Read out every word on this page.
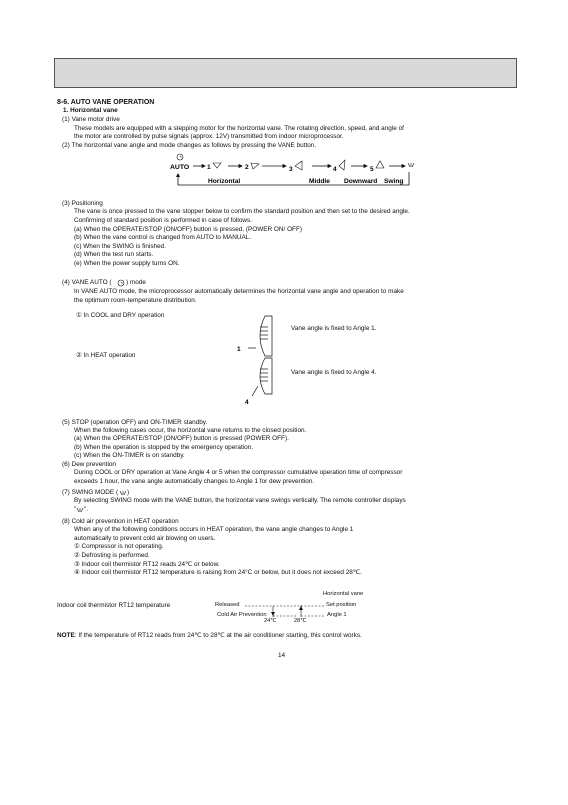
8-6. AUTO VANE OPERATION
1. Horizontal vane
(1) Vane motor drive
These models are equipped with a stepping motor for the horizontal vane. The rotating direction, speed, and angle of
the motor are controlled by pulse signals (approx. 12V) transmitted from indoor microprocessor.
(2) The horizontal vane angle and mode changes as follows by pressing the VANE button.
AUTO	1	2	3	4	5
Horizontal	Middle Downward Swing
1
4
(3) Positioning
The vane is once pressed to the vane stopper below to confirm the standard position and then set to the desired angle.
Confirming of standard position is performed in case of follows.
(a) When the OPERATE/STOP (ON/OFF) button is pressed. (POWER ON/ OFF)
(b) When the vane control is changed from AUTO to MANUAL.
(c) When the SWING is finished.
(d) When the test run starts.
(e) When the power supply turns ON.
(4) VANE AUTO ( ) mode
In VANE AUTO mode, the microprocessor automatically determines the horizontal vane angle and operation to make
the optimum room-temperature distribution.
① In COOL and DRY operation
② In HEAT operation
Vane angle is fixed to Angle 1.
Vane angle is fixed to Angle 4.
(5) STOP (operation OFF) and ON-TIMER standby.
When the following cases occur, the horizontal vane returns to the closed position.
(a) When the OPERATE/STOP (ON/OFF) button is pressed (POWER OFF).
(b) When the operation is stopped by the emergency operation.
(c) When the ON-TIMER is on standby.
(6) Dew prevention
During COOL or DRY operation at Vane Angle 4 or 5 when the compressor cumulative operation time of compressor
exceeds 1 hour, the vane angle automatically changes to Angle 1 for dew prevention.
(7) SWING MODE ( )
By selecting SWING mode with the VANE button, the horizontal vane swings vertically. The remote controller displays
" ".
(8) Cold air prevention in HEAT operation
When any of the following conditions occurs in HEAT operation, the vane angle changes to Angle 1
automatically to prevent cold air blowing on users.
① Compressor is not operating.
② Defrosting is performed.
③ Indoor coil thermistor RT12 reads 24℃ or below.
④ Indoor coil thermistor RT12 temperature is raising from 24°C or below, but it does not exceed 28℃.
Horizontal vane
Indoor coil thermistor RT12 temperature	Released	Set position
Cold Air Prevention	Angle 1
24℃	28℃
NOTE: If the temperature of RT12 reads from 24℃ to 28℃ at the air conditioner starting, this control works.
14
